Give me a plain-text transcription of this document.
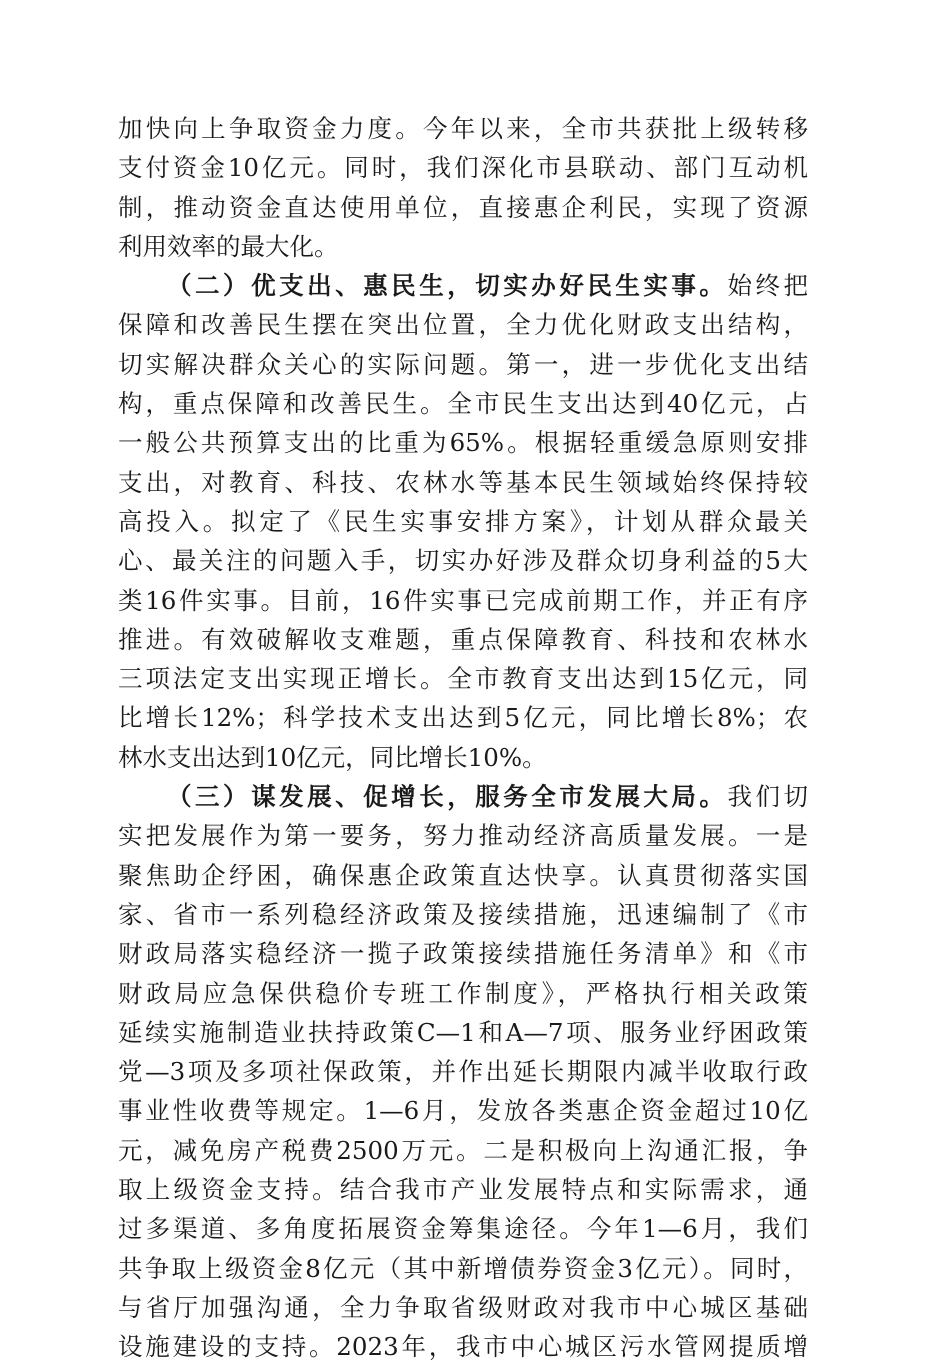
加快向上争取资金力度。今年以来，全市共获批上级转移
支付资金10亿元。同时，我们深化市县联动、部门互动机
制，推动资金直达使用单位，直接惠企利民，实现了资源
利用效率的最大化。
（二）优支出、惠民生，切实办好民生实事。始终把
保障和改善民生摆在突出位置，全力优化财政支出结构，
切实解决群众关心的实际问题。第一，进一步优化支出结
构，重点保障和改善民生。全市民生支出达到40亿元，占
一般公共预算支出的比重为65%。根据轻重缓急原则安排
支出，对教育、科技、农林水等基本民生领域始终保持较
高投入。拟定了《民生实事安排方案》，计划从群众最关
心、最关注的问题入手，切实办好涉及群众切身利益的5大
类16件实事。目前，16件实事已完成前期工作，并正有序
推进。有效破解收支难题，重点保障教育、科技和农林水
三项法定支出实现正增长。全市教育支出达到15亿元，同
比增长12%；科学技术支出达到5亿元，同比增长8%；农
林水支出达到10亿元，同比增长10%。
（三）谋发展、促增长，服务全市发展大局。我们切
实把发展作为第一要务，努力推动经济高质量发展。一是
聚焦助企纾困，确保惠企政策直达快享。认真贯彻落实国
家、省市一系列稳经济政策及接续措施，迅速编制了《市
财政局落实稳经济一揽子政策接续措施任务清单》和《市
财政局应急保供稳价专班工作制度》，严格执行相关政策
延续实施制造业扶持政策C—1和A—7项、服务业纾困政策
党—3项及多项社保政策，并作出延长期限内减半收取行政
事业性收费等规定。1—6月，发放各类惠企资金超过10亿
元，减免房产税费2500万元。二是积极向上沟通汇报，争
取上级资金支持。结合我市产业发展特点和实际需求，通
过多渠道、多角度拓展资金筹集途径。今年1—6月，我们
共争取上级资金8亿元（其中新增债券资金3亿元）。同时，
与省厅加强沟通，全力争取省级财政对我市中心城区基础
设施建设的支持。2023年，我市中心城区污水管网提质增
